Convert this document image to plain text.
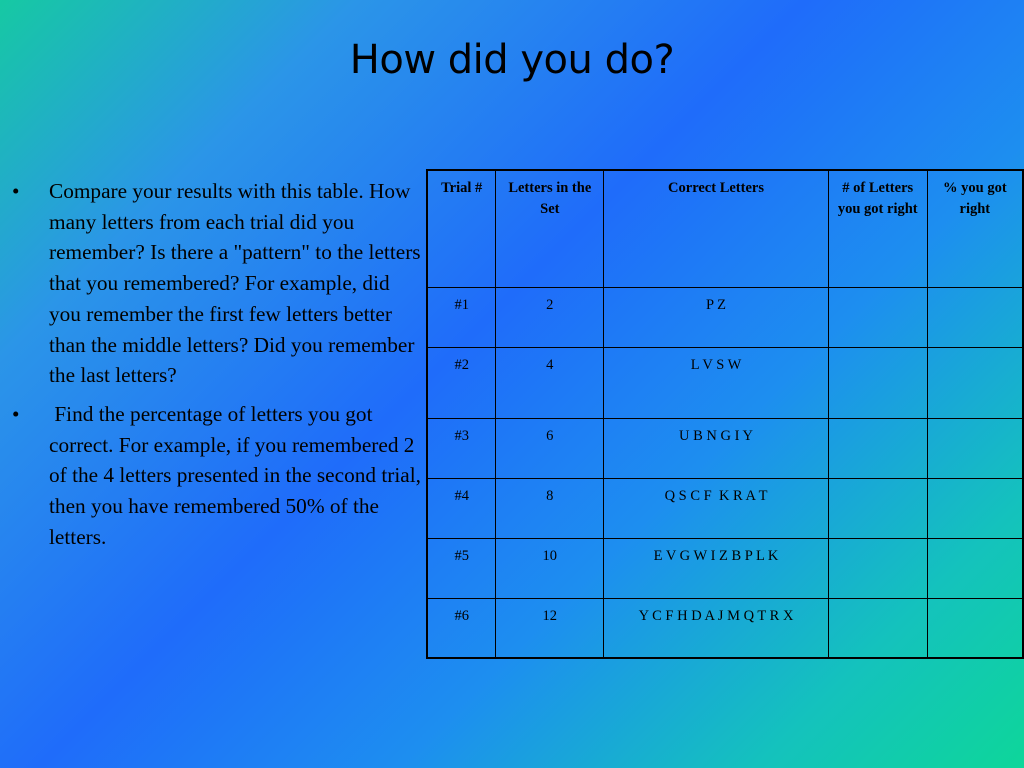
How did you do?
• Compare your results with this table. How many letters from each trial did you remember? Is there a "pattern" to the letters that you remembered? For example, did you remember the first few letters better than the middle letters? Did you remember the last letters?
• Find the percentage of letters you got correct. For example, if you remembered 2 of the 4 letters presented in the second trial, then you have remembered 50% of the letters.
Trial #	Letters in the Set	Correct Letters	# of Letters you got right	% you got right
#1	2	P Z		
#2	4	L V S W		
#3	6	U B N G I Y		
#4	8	Q S C F  K R A T		
#5	10	E V G W I Z B P L K		
#6	12	Y C F H D A J M Q T R X		
